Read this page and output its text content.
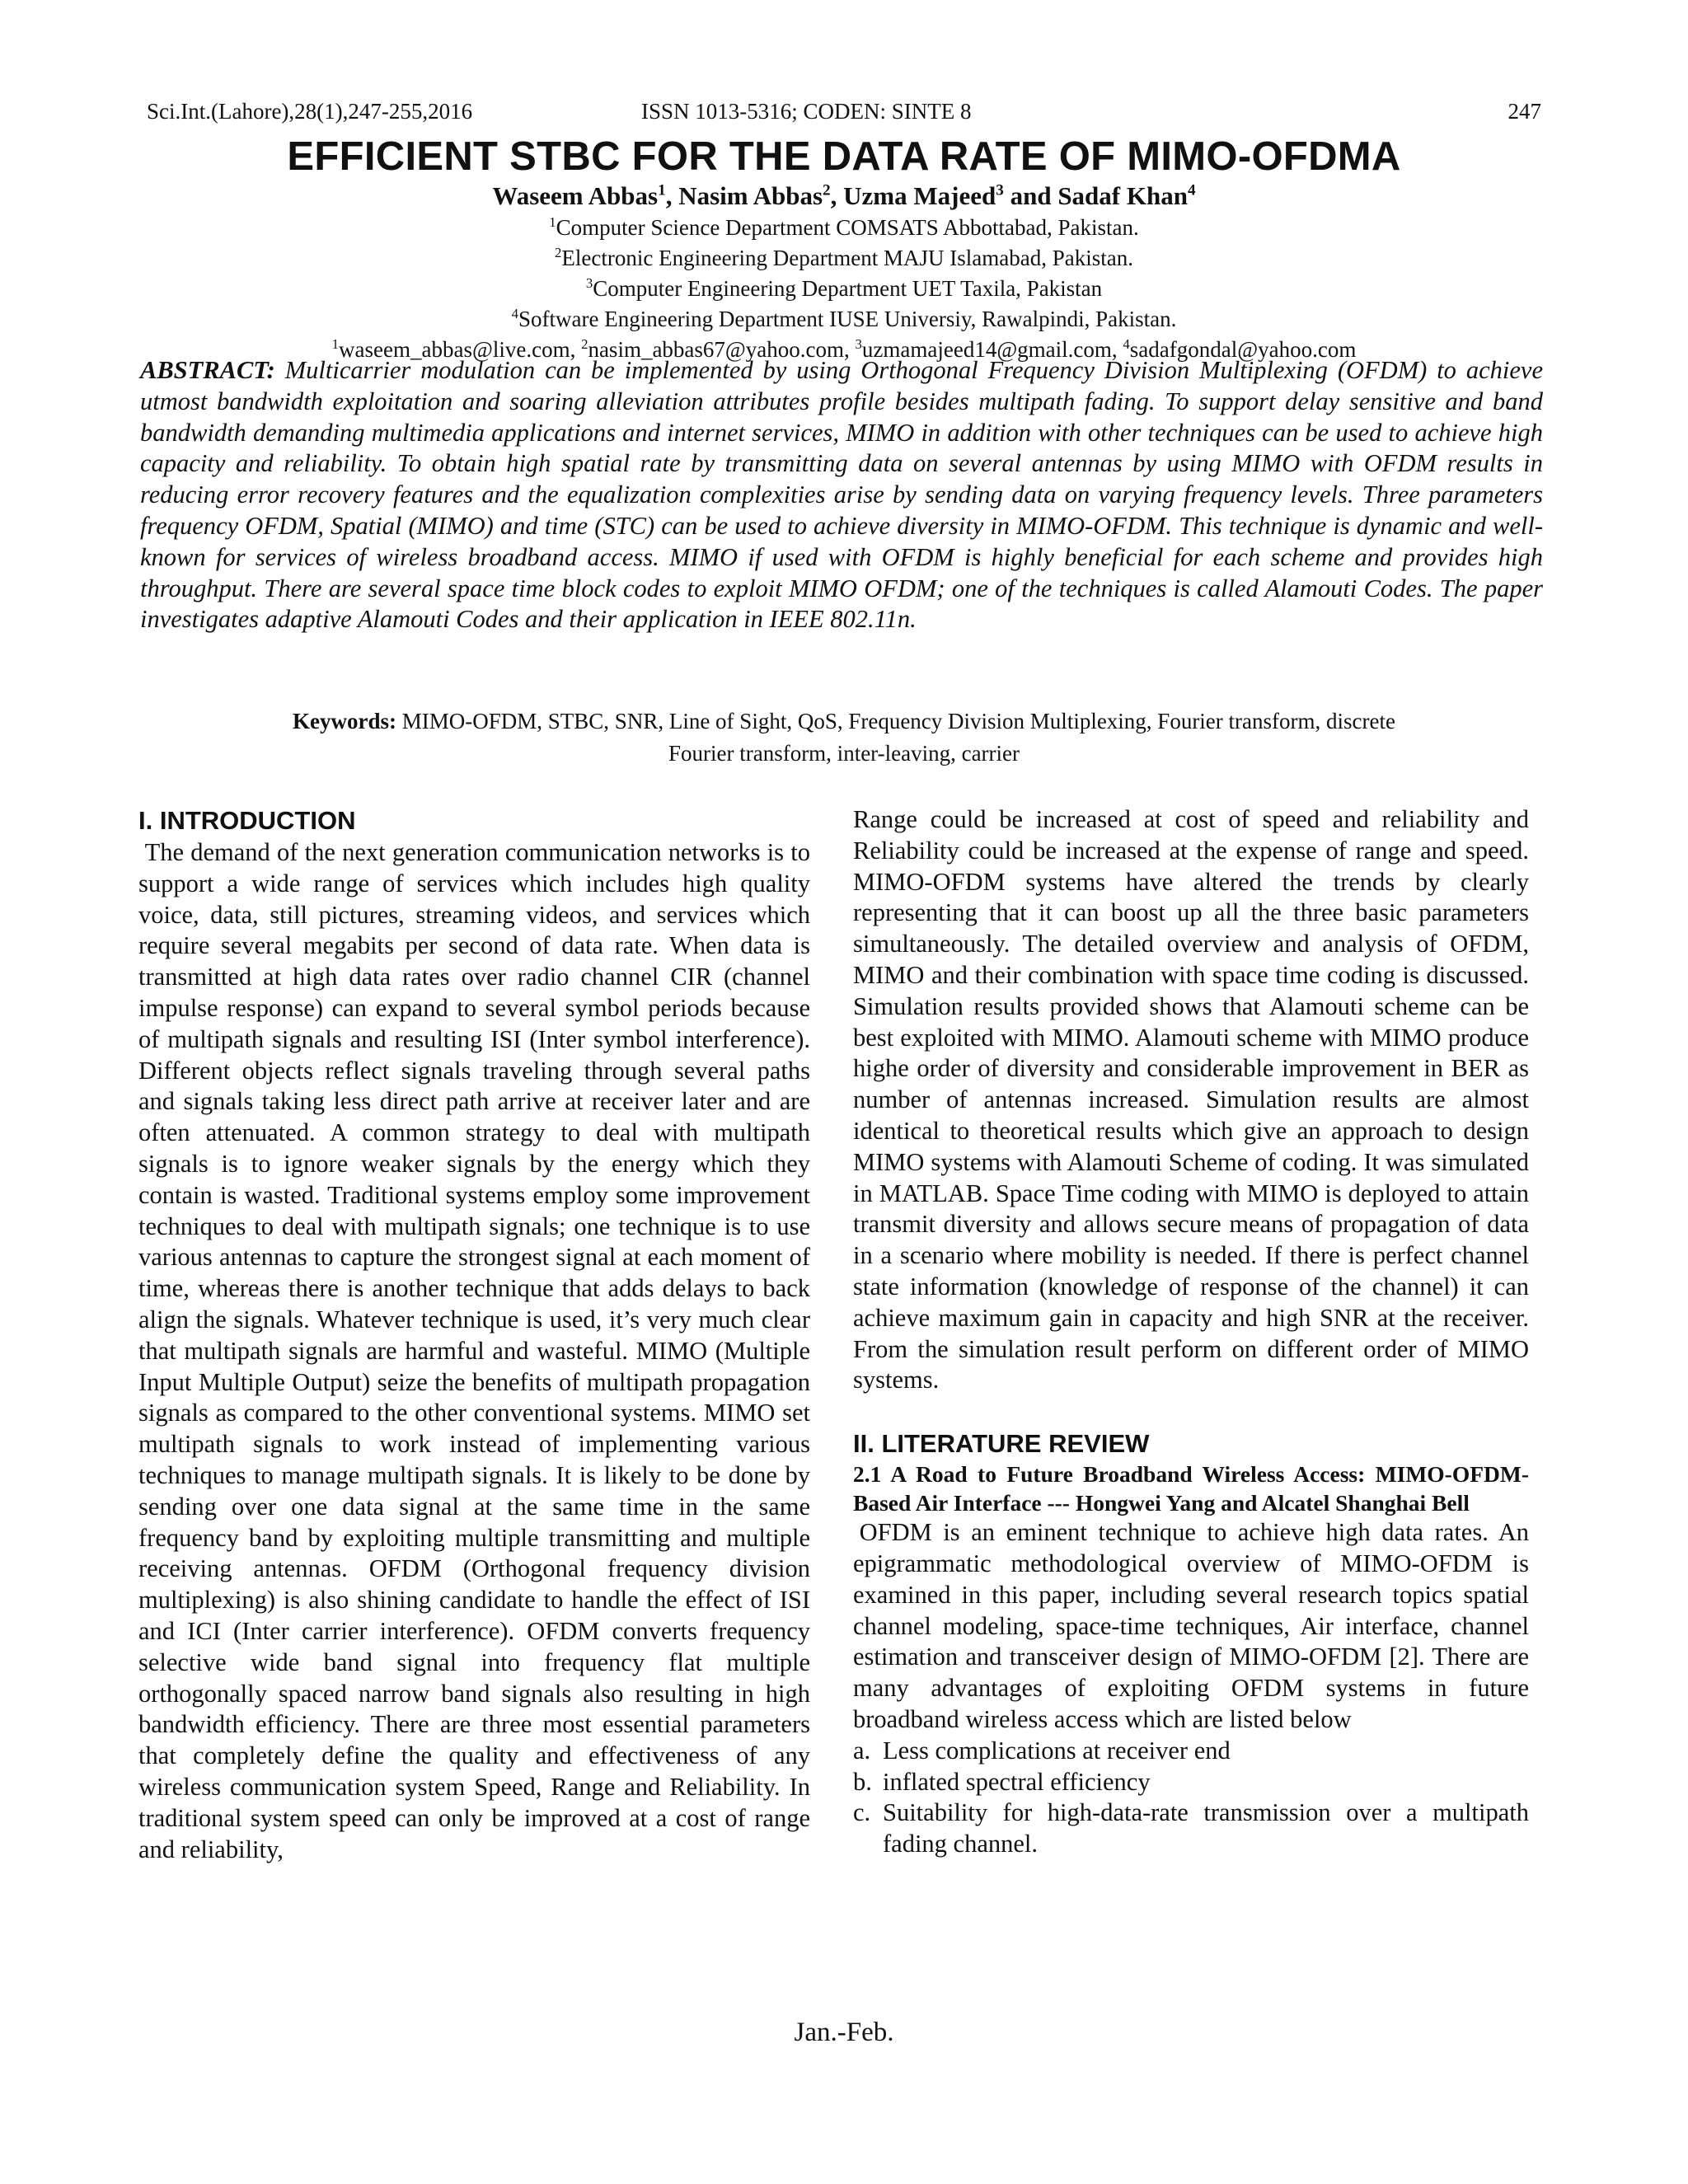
Sci.Int.(Lahore),28(1),247-255,2016	ISSN 1013-5316; CODEN: SINTE 8	247
EFFICIENT STBC FOR THE DATA RATE OF MIMO-OFDMA
Waseem Abbas$^1$, Nasim Abbas$^2$, Uzma Majeed$^3$ and Sadaf Khan$^4$
$^1$Computer Science Department COMSATS Abbottabad, Pakistan.
$^2$Electronic Engineering Department MAJU Islamabad, Pakistan.
$^3$Computer Engineering Department UET Taxila, Pakistan
$^4$Software Engineering Department IUSE Universiy, Rawalpindi, Pakistan.
$^1$waseem_abbas@live.com, $^2$nasim_abbas67@yahoo.com, $^3$uzmamajeed14@gmail.com, $^4$sadafgondal@yahoo.com
ABSTRACT: Multicarrier modulation can be implemented by using Orthogonal Frequency Division Multiplexing (OFDM) to achieve utmost bandwidth exploitation and soaring alleviation attributes profile besides multipath fading. To support delay sensitive and band bandwidth demanding multimedia applications and internet services, MIMO in addition with other techniques can be used to achieve high capacity and reliability. To obtain high spatial rate by transmitting data on several antennas by using MIMO with OFDM results in reducing error recovery features and the equalization complexities arise by sending data on varying frequency levels. Three parameters frequency OFDM, Spatial (MIMO) and time (STC) can be used to achieve diversity in MIMO-OFDM. This technique is dynamic and well-known for services of wireless broadband access. MIMO if used with OFDM is highly beneficial for each scheme and provides high throughput. There are several space time block codes to exploit MIMO OFDM; one of the techniques is called Alamouti Codes. The paper investigates adaptive Alamouti Codes and their application in IEEE 802.11n.
Keywords: MIMO-OFDM, STBC, SNR, Line of Sight, QoS, Frequency Division Multiplexing, Fourier transform, discrete
Fourier transform, inter-leaving, carrier
I. INTRODUCTION

The demand of the next generation communication networks is to support a wide range of services which includes high quality voice, data, still pictures, streaming videos, and services which require several megabits per second of data rate. When data is transmitted at high data rates over radio channel CIR (channel impulse response) can expand to several symbol periods because of multipath signals and resulting ISI (Inter symbol interference). Different objects reflect signals traveling through several paths and signals taking less direct path arrive at receiver later and are often attenuated. A common strategy to deal with multipath signals is to ignore weaker signals by the energy which they contain is wasted. Traditional systems employ some improvement techniques to deal with multipath signals; one technique is to use various antennas to capture the strongest signal at each moment of time, whereas there is another technique that adds delays to back align the signals. Whatever technique is used, it’s very much clear that multipath signals are harmful and wasteful. MIMO (Multiple Input Multiple Output) seize the benefits of multipath propagation signals as compared to the other conventional systems. MIMO set multipath signals to work instead of implementing various techniques to manage multipath signals. It is likely to be done by sending over one data signal at the same time in the same frequency band by exploiting multiple transmitting and multiple receiving antennas. OFDM (Orthogonal frequency division multiplexing) is also shining candidate to handle the effect of ISI and ICI (Inter carrier interference). OFDM converts frequency selective wide band signal into frequency flat multiple orthogonally spaced narrow band signals also resulting in high bandwidth efficiency. There are three most essential parameters that completely define the quality and effectiveness of any wireless communication system Speed, Range and Reliability. In traditional system speed can only be improved at a cost of range and reliability,

Range could be increased at cost of speed and reliability and Reliability could be increased at the expense of range and speed. MIMO-OFDM systems have altered the trends by clearly representing that it can boost up all the three basic parameters simultaneously. The detailed overview and analysis of OFDM, MIMO and their combination with space time coding is discussed. Simulation results provided shows that Alamouti scheme can be best exploited with MIMO. Alamouti scheme with MIMO produce highe order of diversity and considerable improvement in BER as number of antennas increased. Simulation results are almost identical to theoretical results which give an approach to design MIMO systems with Alamouti Scheme of coding. It was simulated in MATLAB. Space Time coding with MIMO is deployed to attain transmit diversity and allows secure means of propagation of data in a scenario where mobility is needed. If there is perfect channel state information (knowledge of response of the channel) it can achieve maximum gain in capacity and high SNR at the receiver. From the simulation result perform on different order of MIMO systems.

II. LITERATURE REVIEW

2.1 A Road to Future Broadband Wireless Access: MIMO-OFDM-Based Air Interface --- Hongwei Yang and Alcatel Shanghai Bell

OFDM is an eminent technique to achieve high data rates. An epigrammatic methodological overview of MIMO-OFDM is examined in this paper, including several research topics spatial channel modeling, space-time techniques, Air interface, channel estimation and transceiver design of MIMO-OFDM [2]. There are many advantages of exploiting OFDM systems in future broadband wireless access which are listed below

a. Less complications at receiver end
b. inflated spectral efficiency
c. Suitability for high-data-rate transmission over a multipath fading channel.
Jan.-Feb.
